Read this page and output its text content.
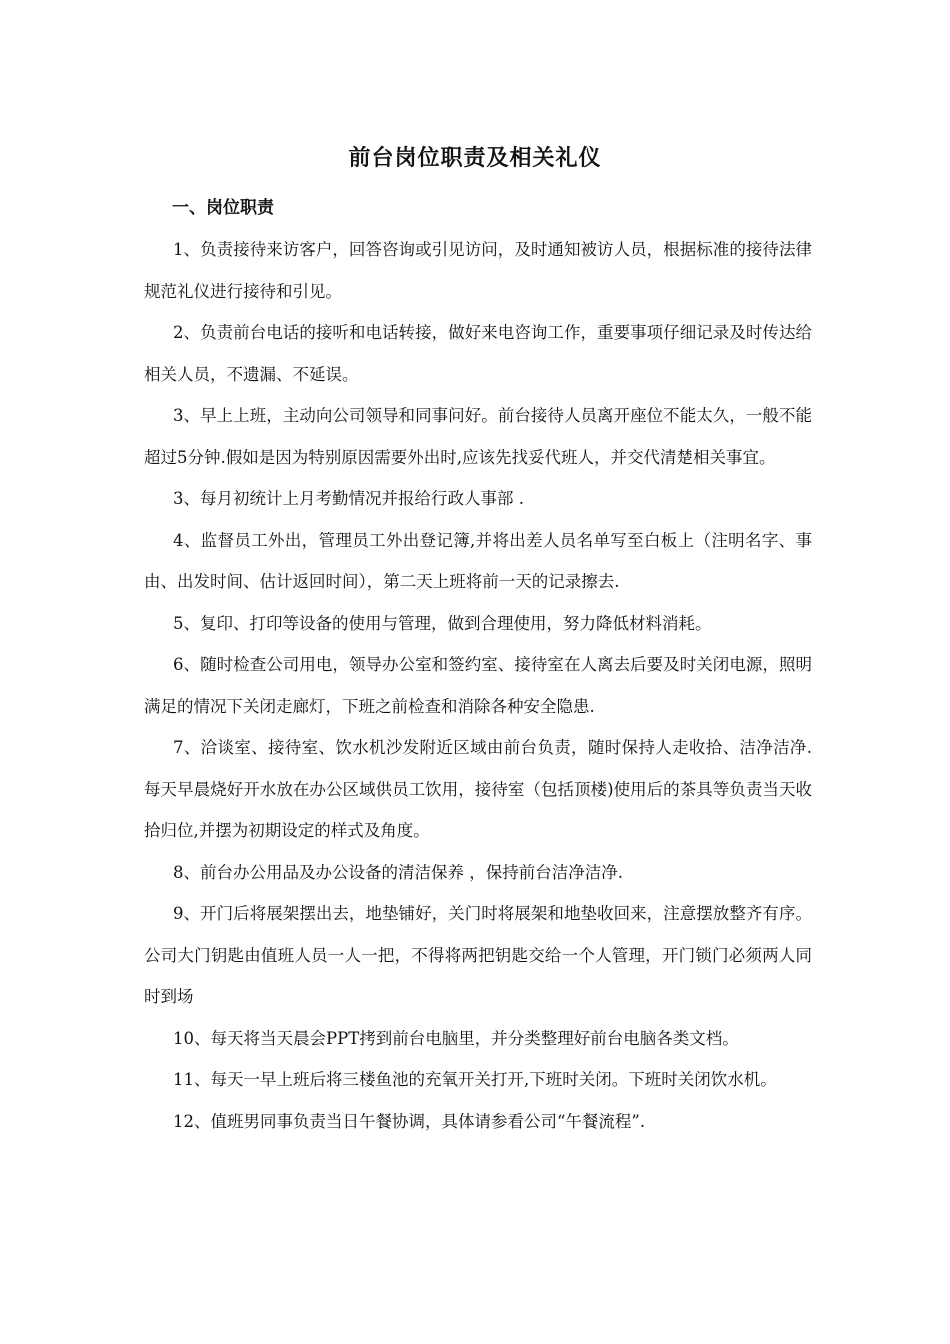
前台岗位职责及相关礼仪
一、岗位职责

1、负责接待来访客户，回答咨询或引见访问，及时通知被访人员，根据标准的接待法律规范礼仪进行接待和引见。

2、负责前台电话的接听和电话转接，做好来电咨询工作，重要事项仔细记录及时传达给相关人员，不遗漏、不延误。

3、早上上班，主动向公司领导和同事问好。前台接待人员离开座位不能太久，一般不能超过5分钟.假如是因为特别原因需要外出时,应该先找妥代班人，并交代清楚相关事宜。

3、每月初统计上月考勤情况并报给行政人事部 .

4、监督员工外出，管理员工外出登记簿,并将出差人员名单写至白板上（注明名字、事由、出发时间、估计返回时间），第二天上班将前一天的记录擦去.

5、复印、打印等设备的使用与管理，做到合理使用，努力降低材料消耗。

6、随时检查公司用电，领导办公室和签约室、接待室在人离去后要及时关闭电源，照明满足的情况下关闭走廊灯，下班之前检查和消除各种安全隐患.

7、洽谈室、接待室、饮水机沙发附近区域由前台负责，随时保持人走收拾、洁净洁净.每天早晨烧好开水放在办公区域供员工饮用，接待室（包括顶楼)使用后的茶具等负责当天收拾归位,并摆为初期设定的样式及角度。

8、前台办公用品及办公设备的清洁保养 ，保持前台洁净洁净.

9、开门后将展架摆出去，地垫铺好，关门时将展架和地垫收回来，注意摆放整齐有序。公司大门钥匙由值班人员一人一把，不得将两把钥匙交给一个人管理，开门锁门必须两人同时到场

10、每天将当天晨会PPT拷到前台电脑里，并分类整理好前台电脑各类文档。

11、每天一早上班后将三楼鱼池的充氧开关打开,下班时关闭。下班时关闭饮水机。

12、值班男同事负责当日午餐协调，具体请参看公司“午餐流程”.
